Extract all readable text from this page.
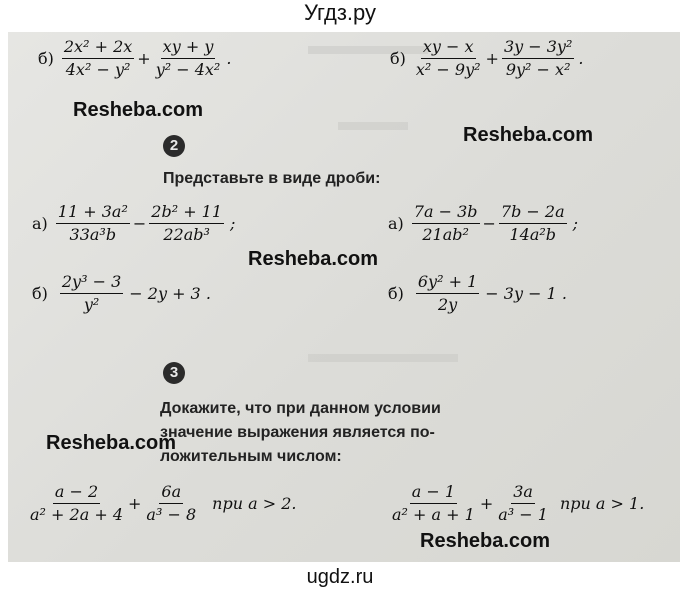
Угдз.ру
$б) \frac{\text{2x² + 2x}}{\text{4x² − y²}} + \frac{xy + y}{\text{y² − 4x²}}$ .	$б) \frac{xy - x}{\text{x² − 9y²}} + \frac{\text{3y − 3y²}}{\text{9y² − x²}}$ .
Resheba.com
Resheba.com
2
Представьте в виде дроби:
$а) \frac{\text{11 + 3a²}}{\text{33a³b}} - \frac{\text{2b² + 11}}{\text{22ab³}}$ ;	$а) \frac{7a - 3b}{\text{21ab²}} - \frac{7b - 2a}{\text{14a²b}}$ ;
Resheba.com
$б) \frac{\text{2y³ − 3}}{\text{y²}} - 2y + 3$ .	$б) \frac{\text{6y² + 1}}{2y} - 3y - 1$ .
3
Докажите, что при данном условии
значение выражения является по-
ложительным числом:
Resheba.com
$\frac{a - 2}{\text{a² + 2a + 4}} + \frac{6a}{\text{a³ − 8}}$ при a > 2.	$\frac{a - 1}{\text{a² + a + 1}} + \frac{3a}{\text{a³ − 1}}$ при a > 1.
Resheba.com
ugdz.ru
